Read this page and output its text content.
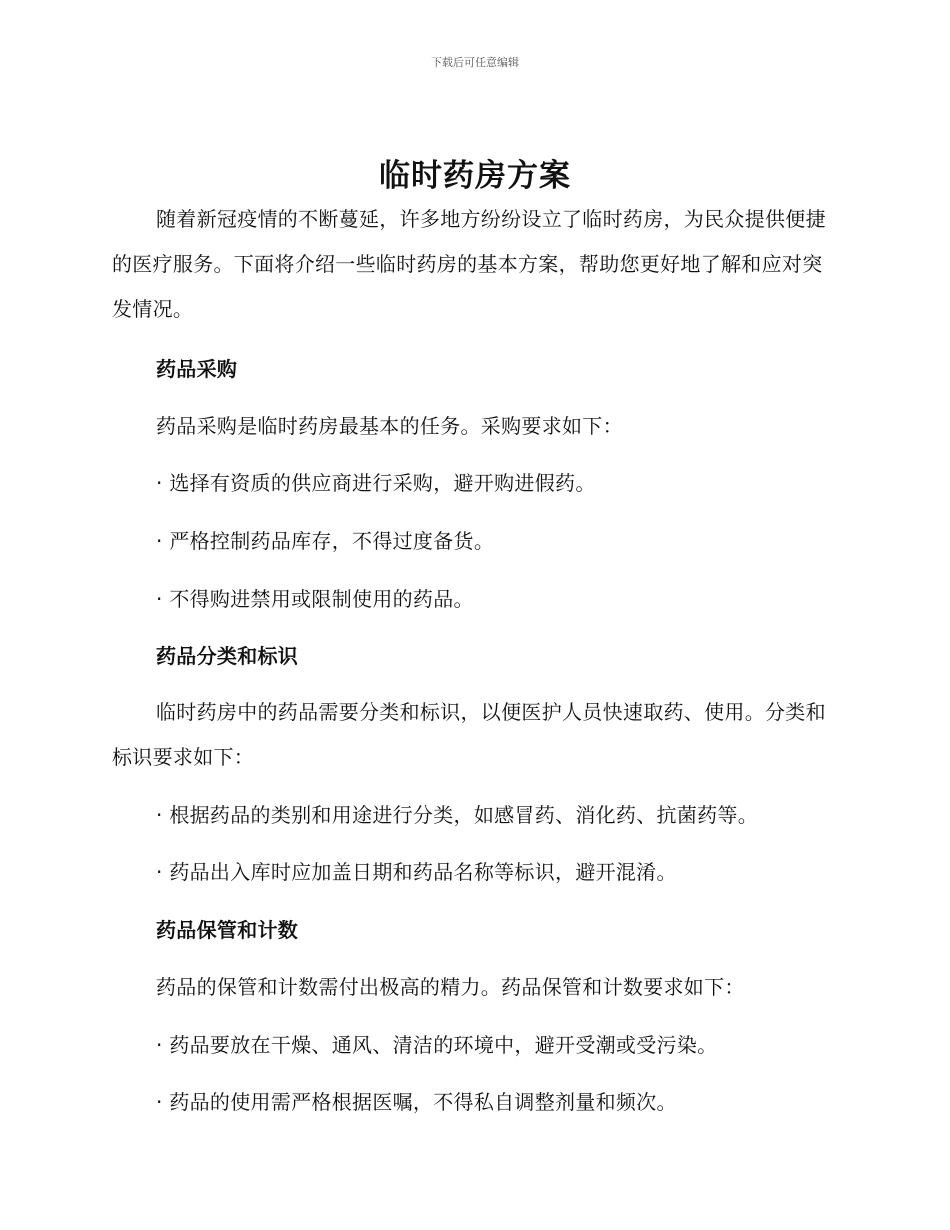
下载后可任意编辑
临时药房方案

随着新冠疫情的不断蔓延，许多地方纷纷设立了临时药房，为民众提供便捷的医疗服务。下面将介绍一些临时药房的基本方案，帮助您更好地了解和应对突发情况。

药品采购

药品采购是临时药房最基本的任务。采购要求如下：

· 选择有资质的供应商进行采购，避开购进假药。

· 严格控制药品库存，不得过度备货。

· 不得购进禁用或限制使用的药品。

药品分类和标识

临时药房中的药品需要分类和标识，以便医护人员快速取药、使用。分类和标识要求如下：

· 根据药品的类别和用途进行分类，如感冒药、消化药、抗菌药等。

· 药品出入库时应加盖日期和药品名称等标识，避开混淆。

药品保管和计数

药品的保管和计数需付出极高的精力。药品保管和计数要求如下：

· 药品要放在干燥、通风、清洁的环境中，避开受潮或受污染。

· 药品的使用需严格根据医嘱，不得私自调整剂量和频次。
